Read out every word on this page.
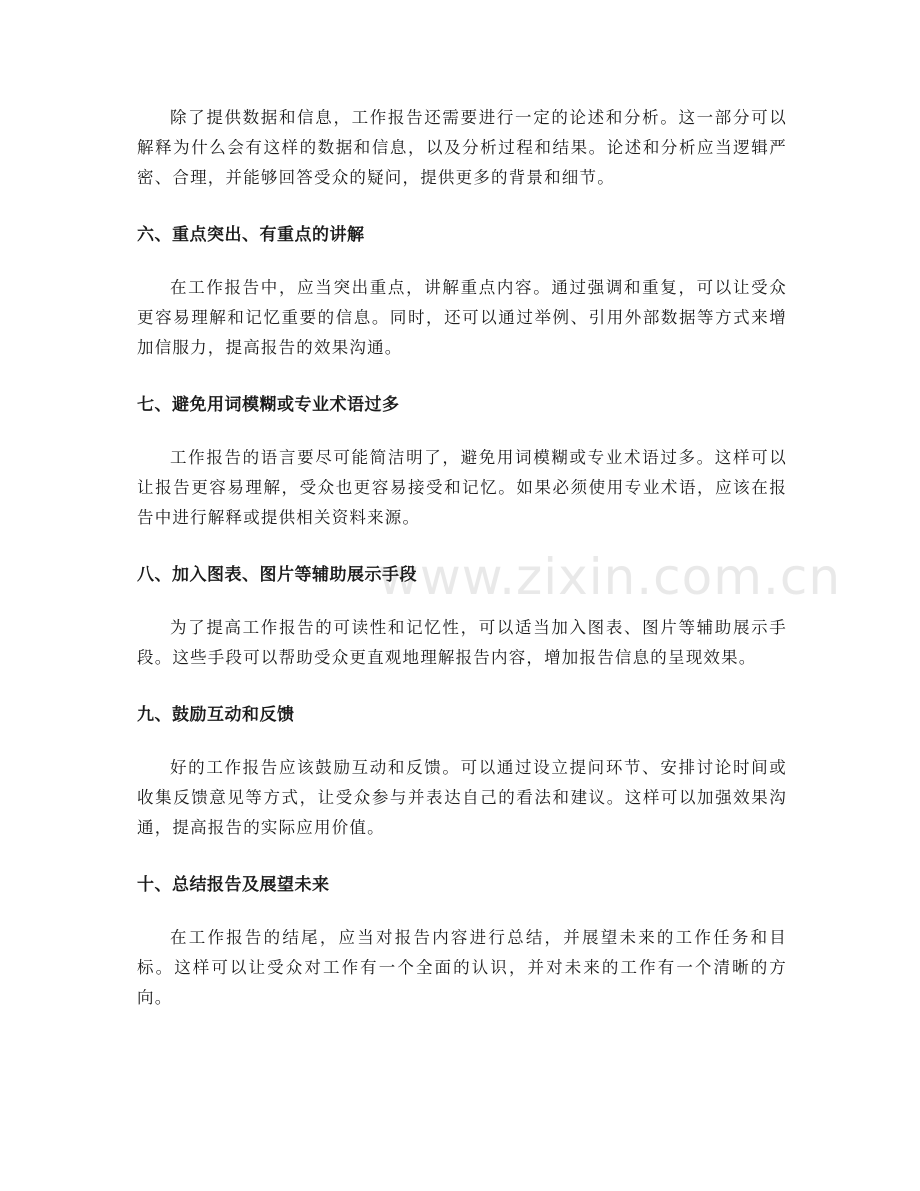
www.zixin.com.cn

除了提供数据和信息，工作报告还需要进行一定的论述和分析。这一部分可以解释为什么会有这样的数据和信息，以及分析过程和结果。论述和分析应当逻辑严密、合理，并能够回答受众的疑问，提供更多的背景和细节。

六、重点突出、有重点的讲解

在工作报告中，应当突出重点，讲解重点内容。通过强调和重复，可以让受众更容易理解和记忆重要的信息。同时，还可以通过举例、引用外部数据等方式来增加信服力，提高报告的效果沟通。

七、避免用词模糊或专业术语过多

工作报告的语言要尽可能简洁明了，避免用词模糊或专业术语过多。这样可以让报告更容易理解，受众也更容易接受和记忆。如果必须使用专业术语，应该在报告中进行解释或提供相关资料来源。

八、加入图表、图片等辅助展示手段

为了提高工作报告的可读性和记忆性，可以适当加入图表、图片等辅助展示手段。这些手段可以帮助受众更直观地理解报告内容，增加报告信息的呈现效果。

九、鼓励互动和反馈

好的工作报告应该鼓励互动和反馈。可以通过设立提问环节、安排讨论时间或收集反馈意见等方式，让受众参与并表达自己的看法和建议。这样可以加强效果沟通，提高报告的实际应用价值。

十、总结报告及展望未来

在工作报告的结尾，应当对报告内容进行总结，并展望未来的工作任务和目标。这样可以让受众对工作有一个全面的认识，并对未来的工作有一个清晰的方向。
